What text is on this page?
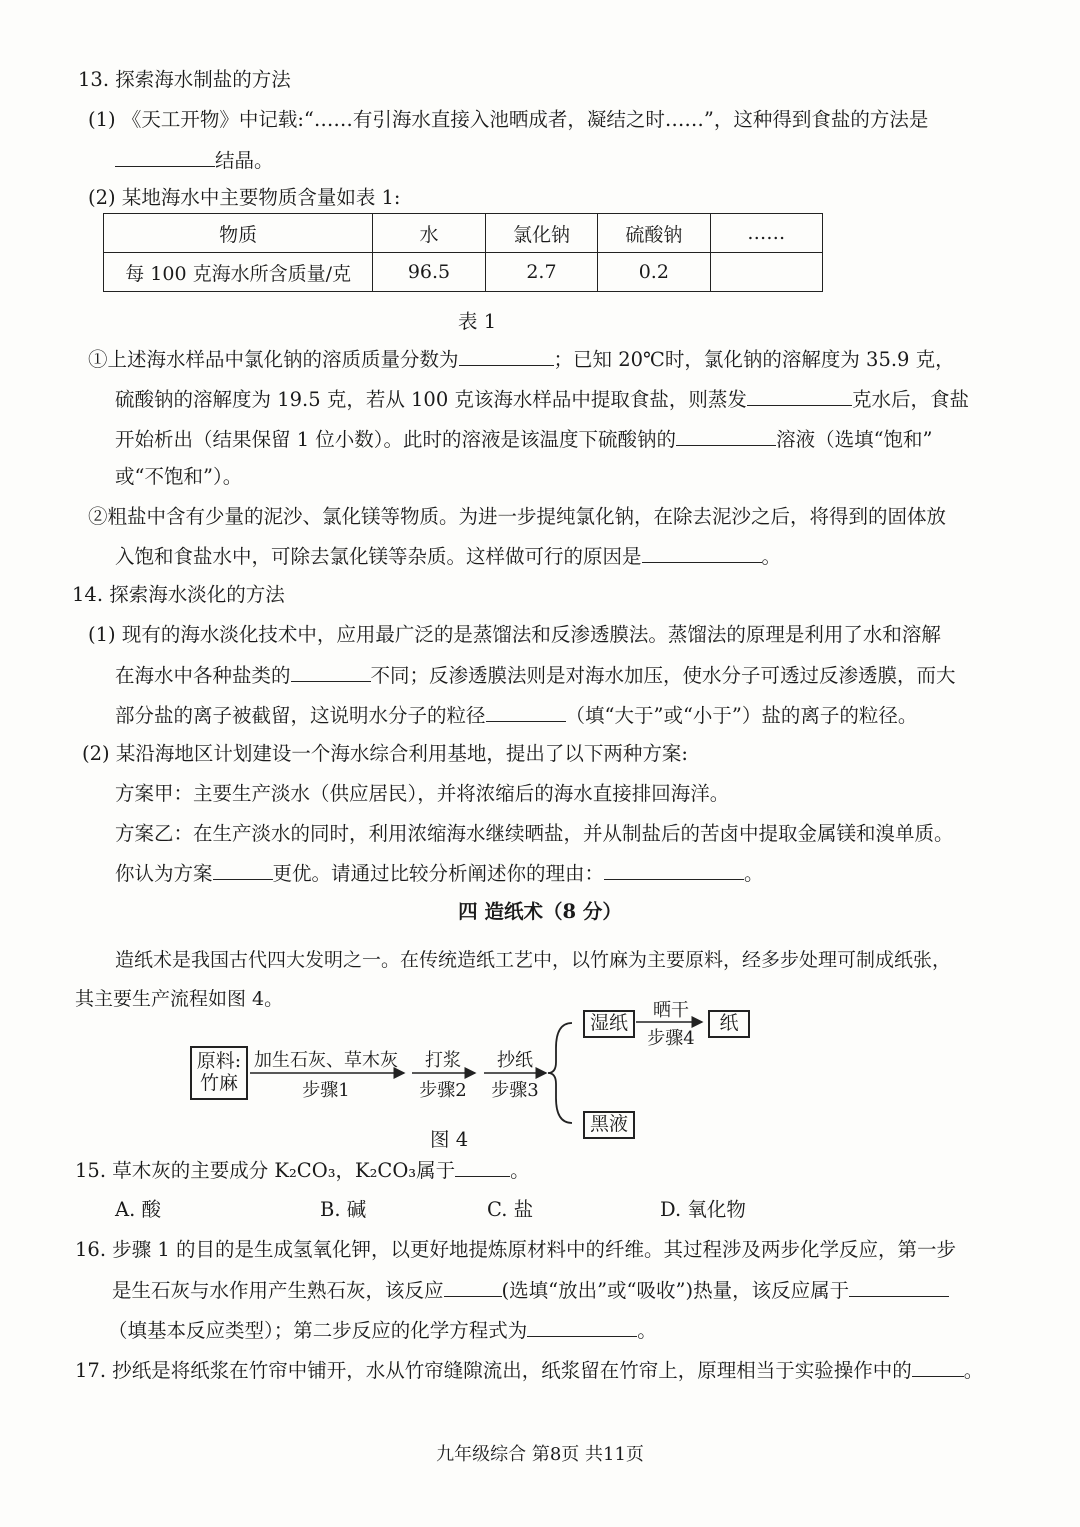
13. 探索海水制盐的方法
(1) 《天工开物》中记载:“……有引海水直接入池晒成者，凝结之时……”，这种得到食盐的方法是
结晶。
(2) 某地海水中主要物质含量如表 1:
物质	水	氯化钠	硫酸钠	……
每 100 克海水所含质量/克	96.5	2.7	0.2	
表 1
①上述海水样品中氯化钠的溶质质量分数为	；已知 20℃时，氯化钠的溶解度为 35.9 克，
硫酸钠的溶解度为 19.5 克，若从 100 克该海水样品中提取食盐，则蒸发	克水后，食盐
开始析出（结果保留 1 位小数）。此时的溶液是该温度下硫酸钠的	溶液（选填“饱和”
或“不饱和”）。
②粗盐中含有少量的泥沙、氯化镁等物质。为进一步提纯氯化钠，在除去泥沙之后，将得到的固体放
入饱和食盐水中，可除去氯化镁等杂质。这样做可行的原因是	。
14. 探索海水淡化的方法
(1) 现有的海水淡化技术中，应用最广泛的是蒸馏法和反渗透膜法。蒸馏法的原理是利用了水和溶解
在海水中各种盐类的	不同；反渗透膜法则是对海水加压，使水分子可透过反渗透膜，而大
部分盐的离子被截留，这说明水分子的粒径	（填“大于”或“小于”）盐的离子的粒径。
(2) 某沿海地区计划建设一个海水综合利用基地，提出了以下两种方案:
方案甲：主要生产淡水（供应居民），并将浓缩后的海水直接排回海洋。
方案乙：在生产淡水的同时，利用浓缩海水继续晒盐，并从制盐后的苦卤中提取金属镁和溴单质。
你认为方案	更优。请通过比较分析阐述你的理由：	。
四 造纸术（8 分）
造纸术是我国古代四大发明之一。在传统造纸工艺中，以竹麻为主要原料，经多步处理可制成纸张，
其主要生产流程如图 4。
原料:
竹麻
加生石灰、草木灰
步骤1
打浆
步骤2
抄纸
步骤3
湿纸
晒干
步骤4
纸
黑液
图 4
15. 草木灰的主要成分 K₂CO₃，K₂CO₃属于	。
A. 酸	B. 碱	C. 盐	D. 氧化物
16. 步骤 1 的目的是生成氢氧化钾，以更好地提炼原材料中的纤维。其过程涉及两步化学反应，第一步
是生石灰与水作用产生熟石灰，该反应	(选填“放出”或“吸收”)热量，该反应属于
（填基本反应类型）；第二步反应的化学方程式为	。
17. 抄纸是将纸浆在竹帘中铺开，水从竹帘缝隙流出，纸浆留在竹帘上，原理相当于实验操作中的	。
九年级综合 第8页 共11页
